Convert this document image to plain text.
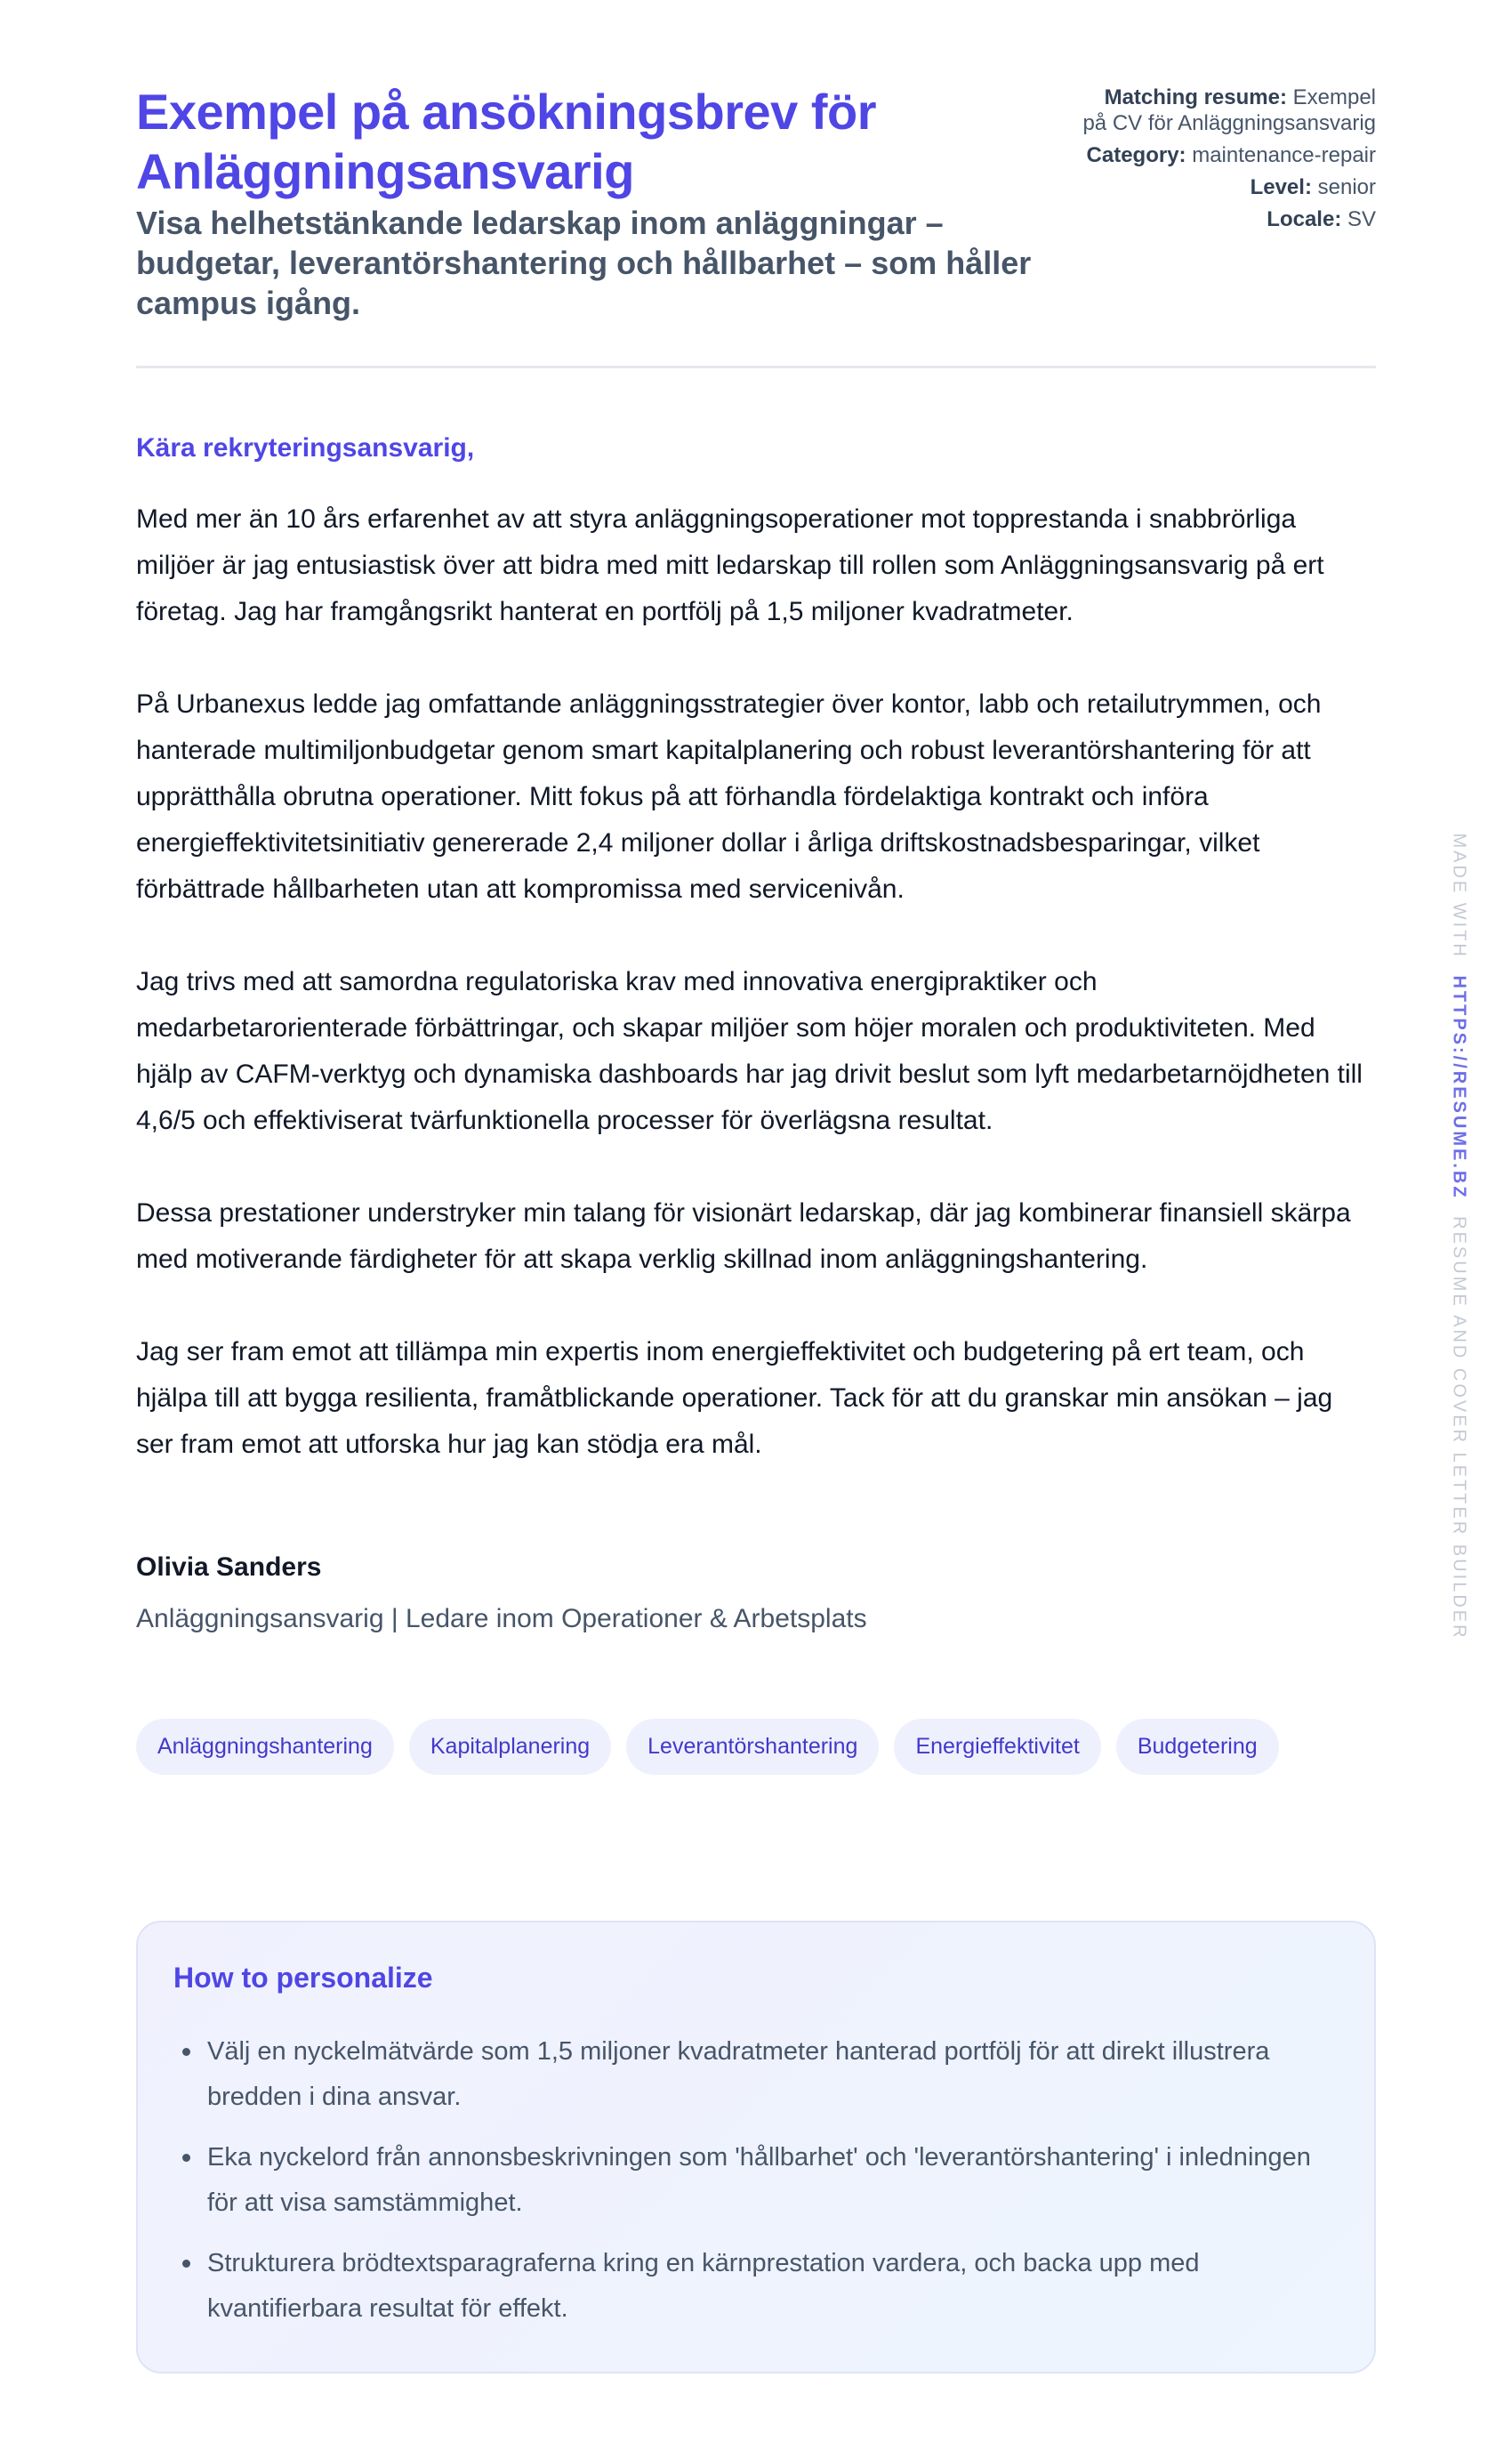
Exempel på ansökningsbrev för Anläggningsansvarig

Visa helhetstänkande ledarskap inom anläggningar – budgetar, leverantörshantering och hållbarhet – som håller campus igång.

Matching resume: Exempel på CV för Anläggningsansvarig
Category: maintenance-repair
Level: senior
Locale: SV

Kära rekryteringsansvarig,

Med mer än 10 års erfarenhet av att styra anläggningsoperationer mot topprestanda i snabbrörliga miljöer är jag entusiastisk över att bidra med mitt ledarskap till rollen som Anläggningsansvarig på ert företag. Jag har framgångsrikt hanterat en portfölj på 1,5 miljoner kvadratmeter.

På Urbanexus ledde jag omfattande anläggningsstrategier över kontor, labb och retailutrymmen, och hanterade multimiljonbudgetar genom smart kapitalplanering och robust leverantörshantering för att upprätthålla obrutna operationer. Mitt fokus på att förhandla fördelaktiga kontrakt och införa energieffektivitetsinitiativ genererade 2,4 miljoner dollar i årliga driftskostnadsbesparingar, vilket förbättrade hållbarheten utan att kompromissa med servicenivån.

Jag trivs med att samordna regulatoriska krav med innovativa energipraktiker och medarbetarorienterade förbättringar, och skapar miljöer som höjer moralen och produktiviteten. Med hjälp av CAFM-verktyg och dynamiska dashboards har jag drivit beslut som lyft medarbetarnöjdheten till 4,6/5 och effektiviserat tvärfunktionella processer för överlägsna resultat.

Dessa prestationer understryker min talang för visionärt ledarskap, där jag kombinerar finansiell skärpa med motiverande färdigheter för att skapa verklig skillnad inom anläggningshantering.

Jag ser fram emot att tillämpa min expertis inom energieffektivitet och budgetering på ert team, och hjälpa till att bygga resilienta, framåtblickande operationer. Tack för att du granskar min ansökan – jag ser fram emot att utforska hur jag kan stödja era mål.

Olivia Sanders
Anläggningsansvarig | Ledare inom Operationer & Arbetsplats
Anläggningshantering	Kapitalplanering	Leverantörshantering	Energieffektivitet	Budgetering
How to personalize
Välj en nyckelmätvärde som 1,5 miljoner kvadratmeter hanterad portfölj för att direkt illustrera bredden i dina ansvar.
Eka nyckelord från annonsbeskrivningen som 'hållbarhet' och 'leverantörshantering' i inledningen för att visa samstämmighet.
Strukturera brödtextsparagraferna kring en kärnprestation vardera, och backa upp med kvantifierbara resultat för effekt.
MADE WITH HTTPS://RESUME.BZ RESUME AND COVER LETTER BUILDER
